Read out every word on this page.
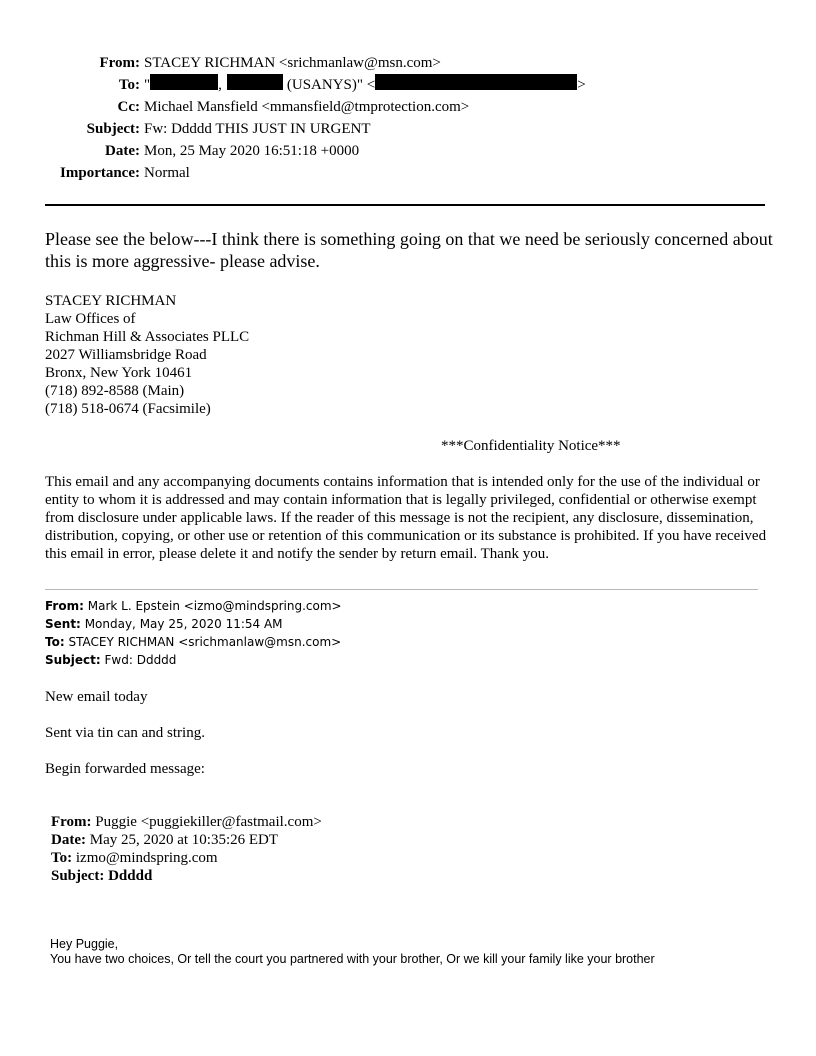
From: STACEY RICHMAN <srichmanlaw@msn.com>
To: "	,	(USANYS)" <	>
Cc: Michael Mansfield <mmansfield@tmprotection.com>
Subject: Fw: Ddddd THIS JUST IN URGENT
Date: Mon, 25 May 2020 16:51:18 +0000
Importance: Normal
Please see the below---I think there is something going on that we need be seriously concerned about this is more aggressive- please advise.
STACEY RICHMAN
Law Offices of
Richman Hill & Associates PLLC
2027 Williamsbridge Road
Bronx, New York 10461
(718) 892-8588 (Main)
(718) 518-0674 (Facsimile)
***Confidentiality Notice***
This email and any accompanying documents contains information that is intended only for the use of the individual or entity to whom it is addressed and may contain information that is legally privileged, confidential or otherwise exempt from disclosure under applicable laws. If the reader of this message is not the recipient, any disclosure, dissemination, distribution, copying, or other use or retention of this communication or its substance is prohibited. If you have received this email in error, please delete it and notify the sender by return email. Thank you.
From: Mark L. Epstein <izmo@mindspring.com>
Sent: Monday, May 25, 2020 11:54 AM
To: STACEY RICHMAN <srichmanlaw@msn.com>
Subject: Fwd: Ddddd

New email today

Sent via tin can and string.

Begin forwarded message:

From: Puggie <puggiekiller@fastmail.com>
Date: May 25, 2020 at 10:35:26 EDT
To: izmo@mindspring.com
Subject: Ddddd
Hey Puggie,
You have two choices, Or tell the court you partnered with your brother, Or we kill your family like your brother
